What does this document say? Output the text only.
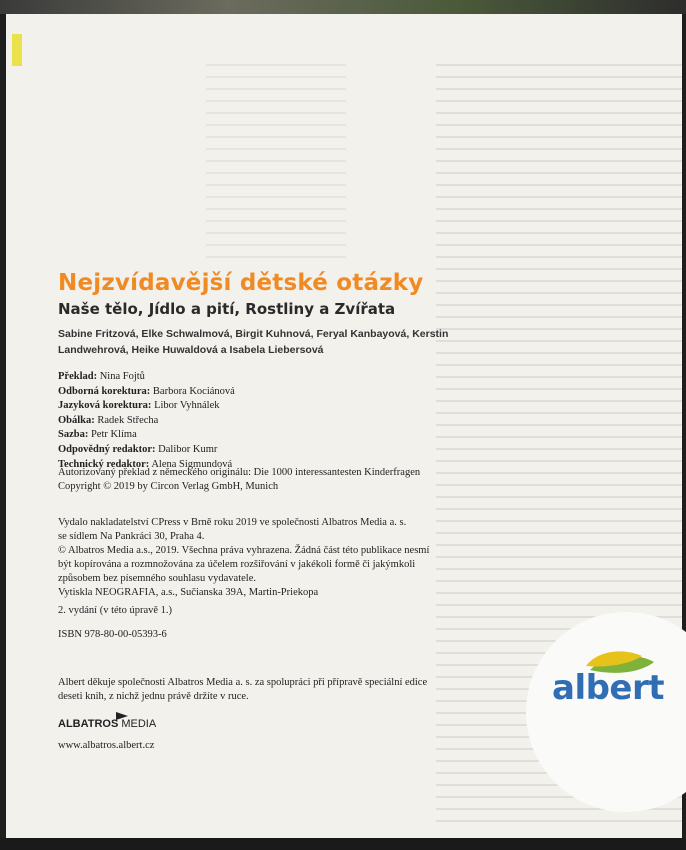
Nejzvídavější dětské otázky
Naše tělo, Jídlo a pití, Rostliny a Zvířata
Sabine Fritzová, Elke Schwalmová, Birgit Kuhnová, Feryal Kanbayová, Kerstin Landwehrová, Heike Huwaldová a Isabela Liebersová
Překlad: Nina Fojtů
Odborná korektura: Barbora Kociánová
Jazyková korektura: Libor Vyhnálek
Obálka: Radek Střecha
Sazba: Petr Klíma
Odpovědný redaktor: Dalibor Kumr
Technický redaktor: Alena Sigmundová
Autorizovaný překlad z německého originálu: Die 1000 interessantesten Kinderfragen
Copyright © 2019 by Circon Verlag GmbH, Munich
Vydalo nakladatelství CPress v Brně roku 2019 ve společnosti Albatros Media a. s.
se sídlem Na Pankráci 30, Praha 4.
© Albatros Media a.s., 2019. Všechna práva vyhrazena. Žádná část této publikace nesmí
být kopírována a rozmnožována za účelem rozšiřování v jakékoli formě či jakýmkoli
způsobem bez písemného souhlasu vydavatele.
Vytiskla NEOGRAFIA, a.s., Sučianska 39A, Martin-Priekopa
2. vydání (v této úpravě 1.)
ISBN 978-80-00-05393-6
Albert děkuje společnosti Albatros Media a. s. za spolupráci při přípravě speciální edice
deseti knih, z nichž jednu právě držíte v ruce.
ALBATROS MEDIA
www.albatros.albert.cz
albert
